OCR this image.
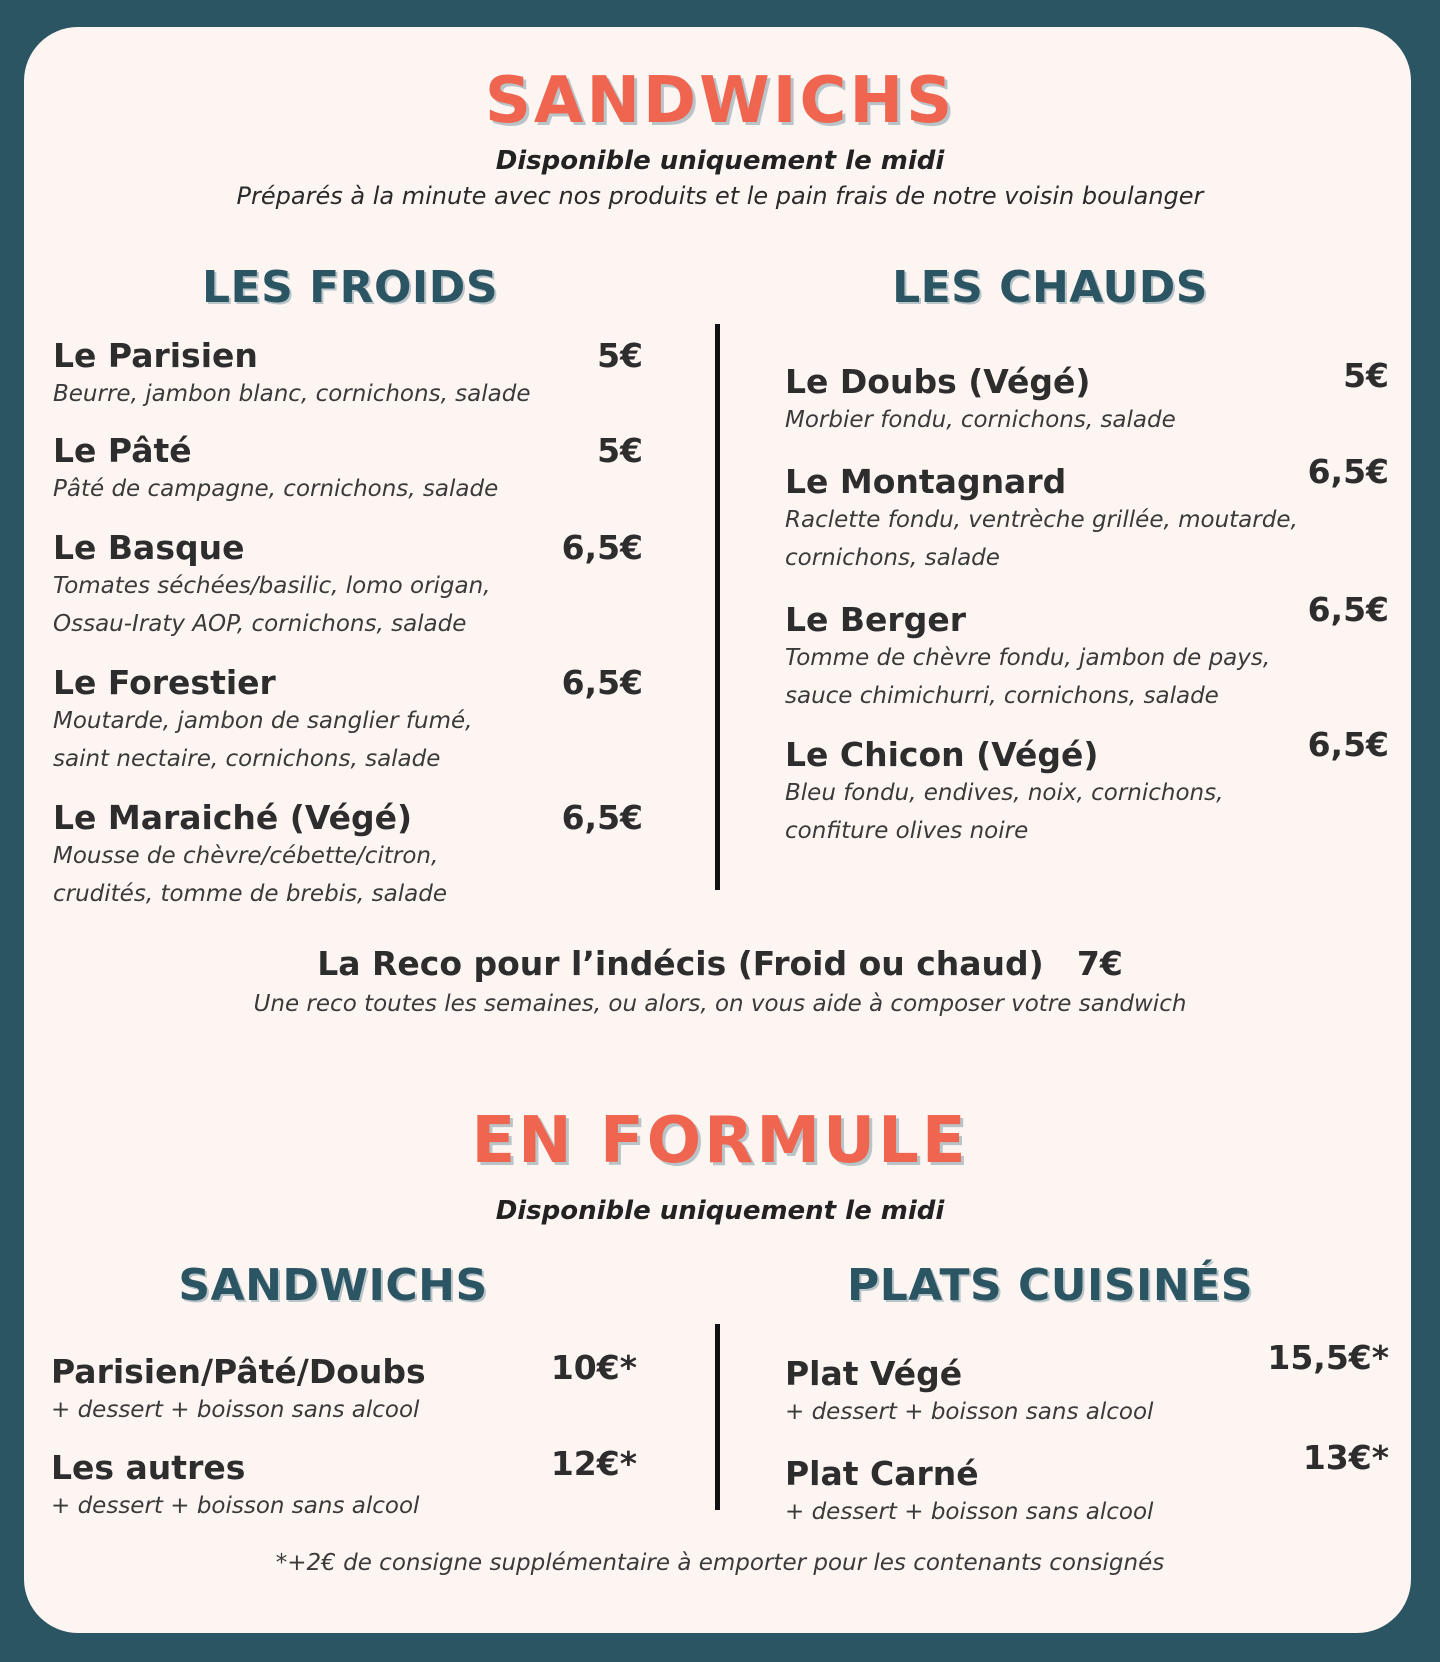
SANDWICHS
Disponible uniquement le midi
Préparés à la minute avec nos produits et le pain frais de notre voisin boulanger
LES FROIDS	LES CHAUDS
Le Parisien	5€
Beurre, jambon blanc, cornichons, salade
Le Pâté	5€
Pâté de campagne, cornichons, salade
Le Basque	6,5€
Tomates séchées/basilic, lomo origan,
Ossau-Iraty AOP, cornichons, salade
Le Forestier	6,5€
Moutarde, jambon de sanglier fumé,
saint nectaire, cornichons, salade
Le Maraiché (Végé)	6,5€
Mousse de chèvre/cébette/citron,
crudités, tomme de brebis, salade
Le Doubs (Végé)	5€
Morbier fondu, cornichons, salade
Le Montagnard	6,5€
Raclette fondu, ventrèche grillée, moutarde,
cornichons, salade
Le Berger	6,5€
Tomme de chèvre fondu, jambon de pays,
sauce chimichurri, cornichons, salade
Le Chicon (Végé)	6,5€
Bleu fondu, endives, noix, cornichons,
confiture olives noire
La Reco pour l’indécis (Froid ou chaud) 7€
Une reco toutes les semaines, ou alors, on vous aide à composer votre sandwich
EN FORMULE
Disponible uniquement le midi
SANDWICHS	PLATS CUISINÉS
Parisien/Pâté/Doubs	10€*
+ dessert + boisson sans alcool
Les autres	12€*
+ dessert + boisson sans alcool
Plat Végé	15,5€*
+ dessert + boisson sans alcool
Plat Carné	13€*
+ dessert + boisson sans alcool
*+2€ de consigne supplémentaire à emporter pour les contenants consignés
